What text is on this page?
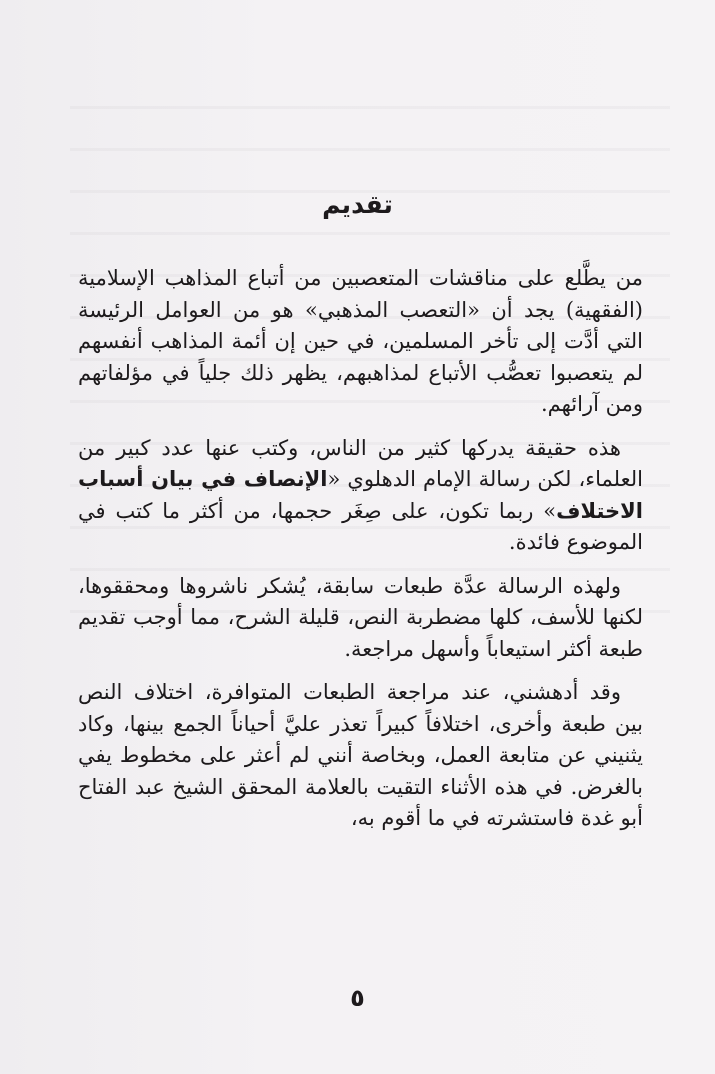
تقديم

من يطَّلع على مناقشات المتعصبين من أتباع المذاهب الإسلامية (الفقهية) يجد أن «التعصب المذهبي» هو من العوامل الرئيسة التي أدَّت إلى تأخر المسلمين، في حين إن أئمة المذاهب أنفسهم لم يتعصبوا تعصُّب الأتباع لمذاهبهم، يظهر ذلك جلياً في مؤلفاتهم ومن آرائهم.

هذه حقيقة يدركها كثير من الناس، وكتب عنها عدد كبير من العلماء، لكن رسالة الإمام الدهلوي «الإنصاف في بيان أسباب الاختلاف» ربما تكون، على صِغَر حجمها، من أكثر ما كتب في الموضوع فائدة.

ولهذه الرسالة عدَّة طبعات سابقة، يُشكر ناشروها ومحققوها، لكنها للأسف، كلها مضطربة النص، قليلة الشرح، مما أوجب تقديم طبعة أكثر استيعاباً وأسهل مراجعة.

وقد أدهشني، عند مراجعة الطبعات المتوافرة، اختلاف النص بين طبعة وأخرى، اختلافاً كبيراً تعذر عليَّ أحياناً الجمع بينها، وكاد يثنيني عن متابعة العمل، وبخاصة أنني لم أعثر على مخطوط يفي بالغرض. في هذه الأثناء التقيت بالعلامة المحقق الشيخ عبد الفتاح أبو غدة فاستشرته في ما أقوم به،

٥
